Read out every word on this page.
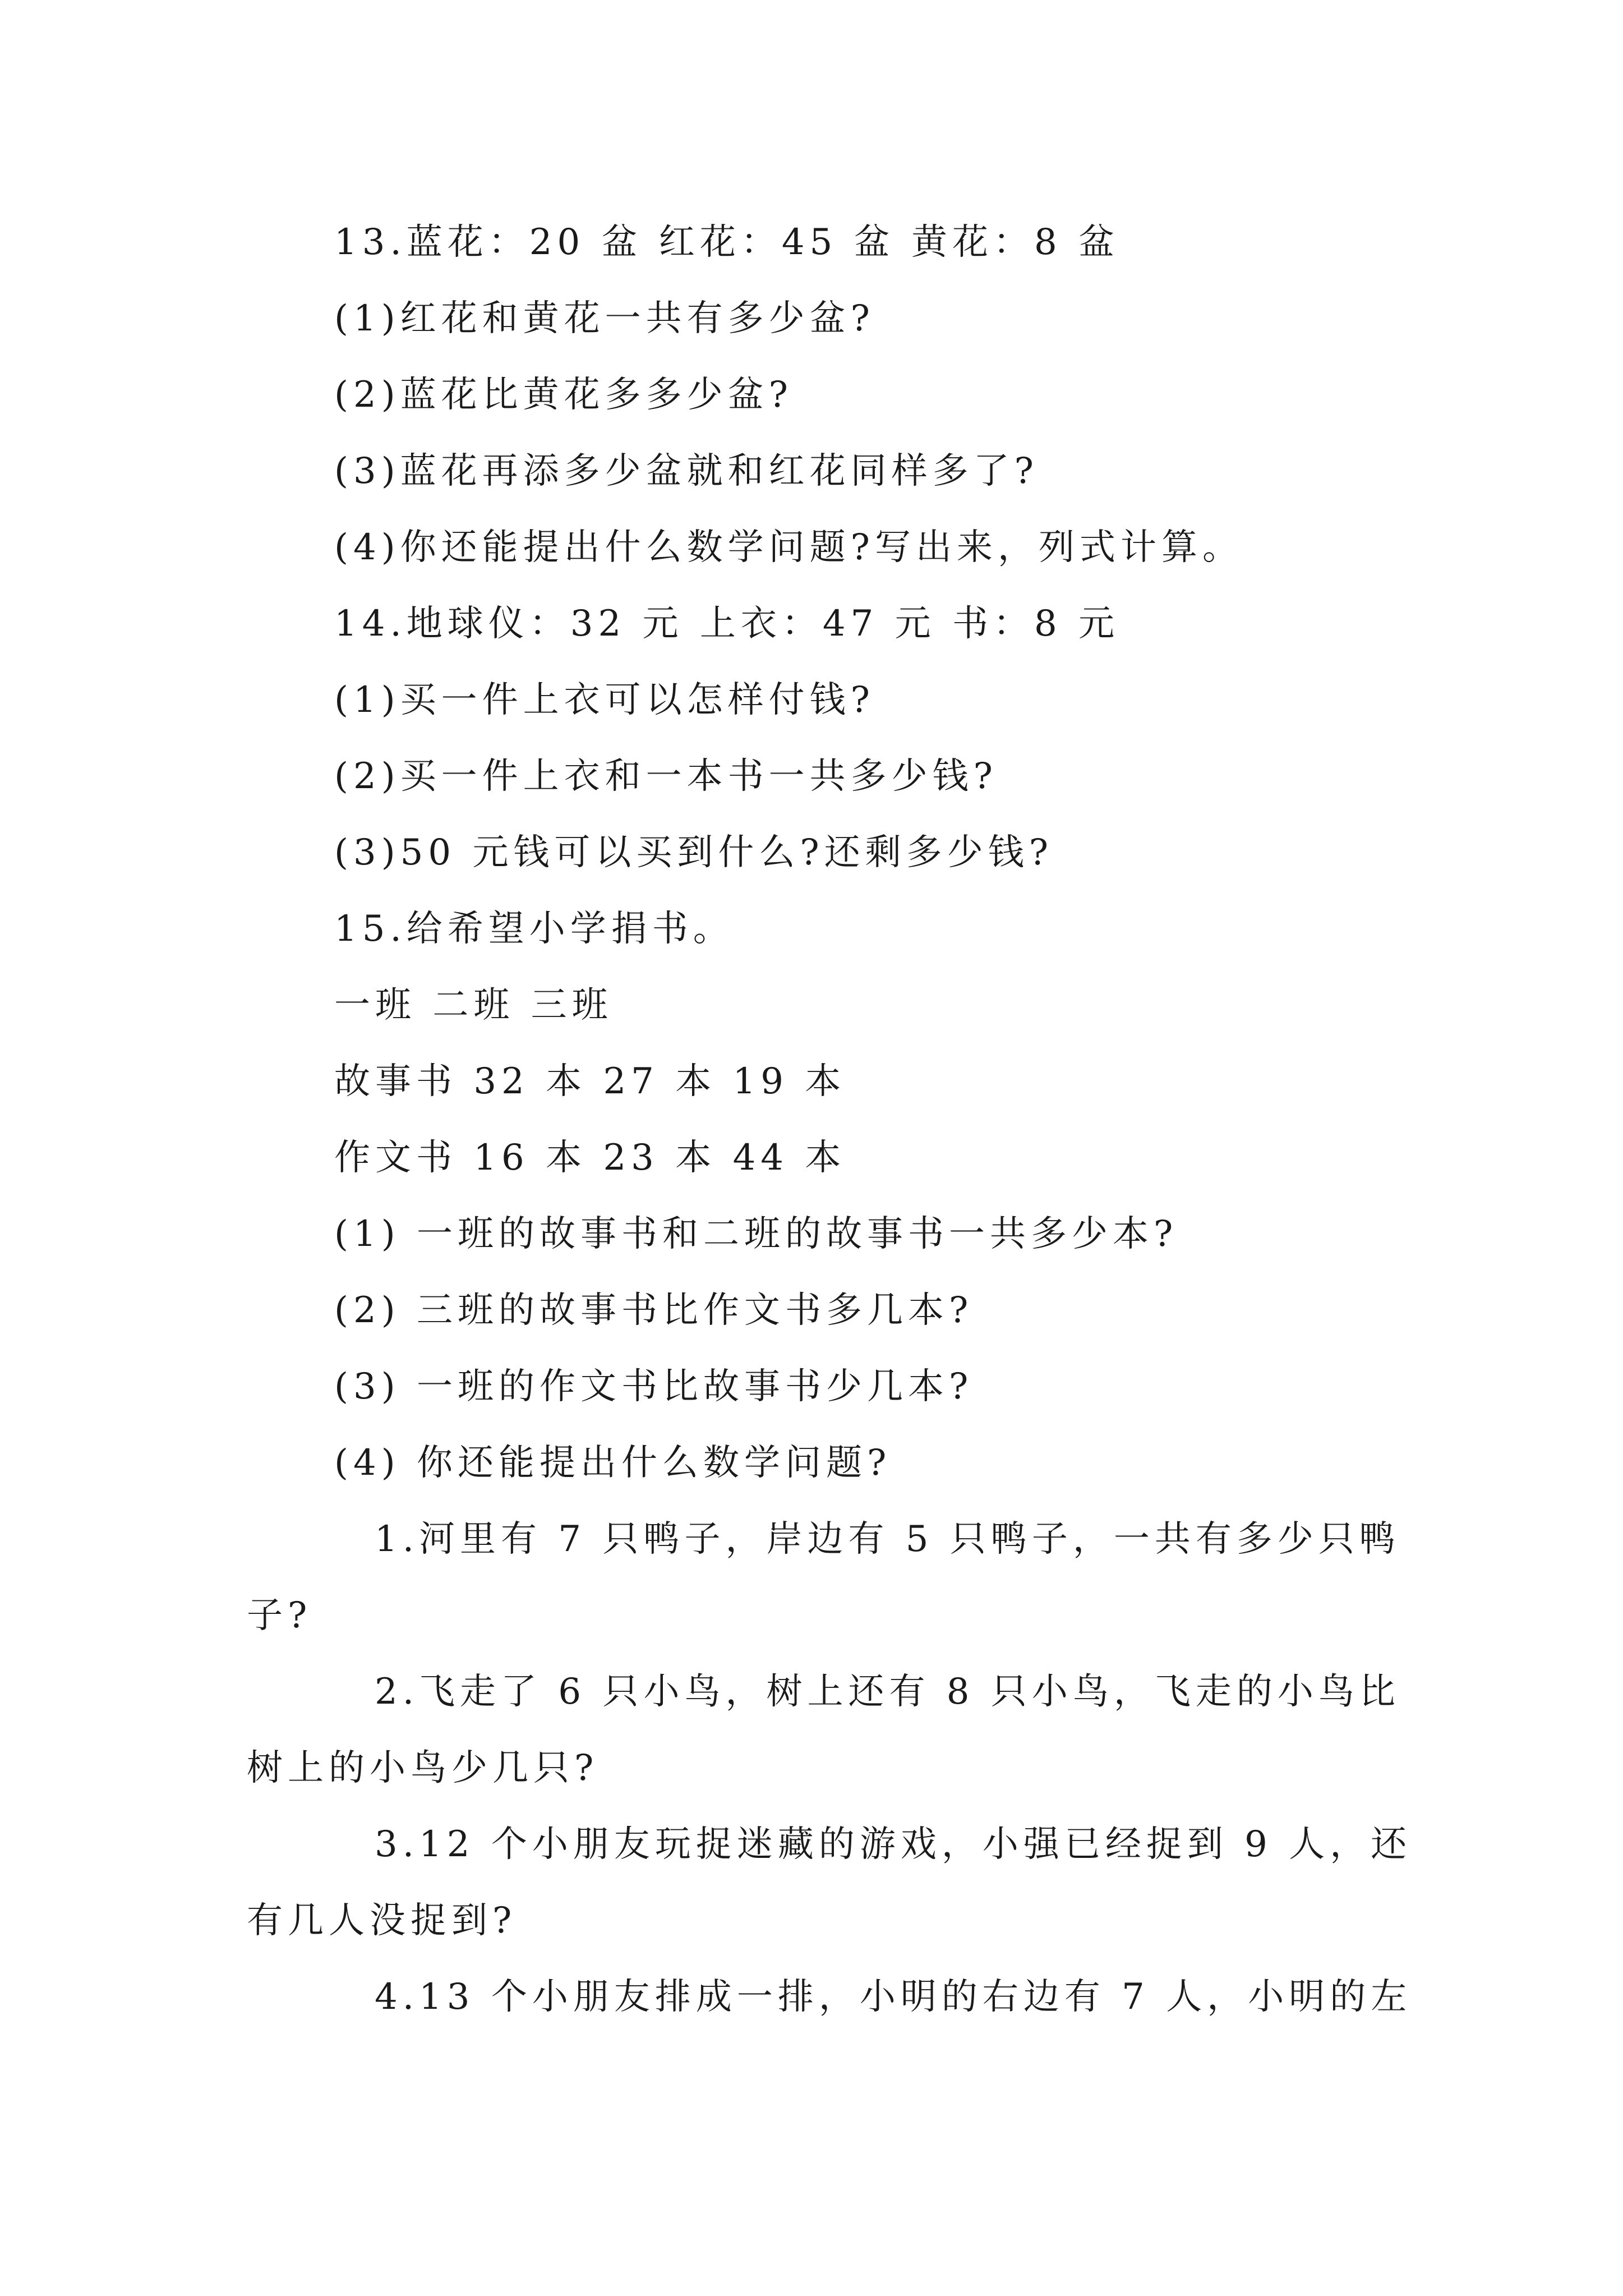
13.蓝花：20 盆 红花：45 盆 黄花：8 盆
(1)红花和黄花一共有多少盆?
(2)蓝花比黄花多多少盆?
(3)蓝花再添多少盆就和红花同样多了?
(4)你还能提出什么数学问题?写出来，列式计算。
14.地球仪：32 元 上衣：47 元 书：8 元
(1)买一件上衣可以怎样付钱?
(2)买一件上衣和一本书一共多少钱?
(3)50 元钱可以买到什么?还剩多少钱?
15.给希望小学捐书。
一班 二班 三班
故事书 32 本 27 本 19 本
作文书 16 本 23 本 44 本
(1) 一班的故事书和二班的故事书一共多少本?
(2) 三班的故事书比作文书多几本?
(3) 一班的作文书比故事书少几本?
(4) 你还能提出什么数学问题?
1.河里有 7 只鸭子，岸边有 5 只鸭子，一共有多少只鸭
子?
2.飞走了 6 只小鸟，树上还有 8 只小鸟，飞走的小鸟比
树上的小鸟少几只?
3.12 个小朋友玩捉迷藏的游戏，小强已经捉到 9 人，还
有几人没捉到?
4.13 个小朋友排成一排，小明的右边有 7 人，小明的左
